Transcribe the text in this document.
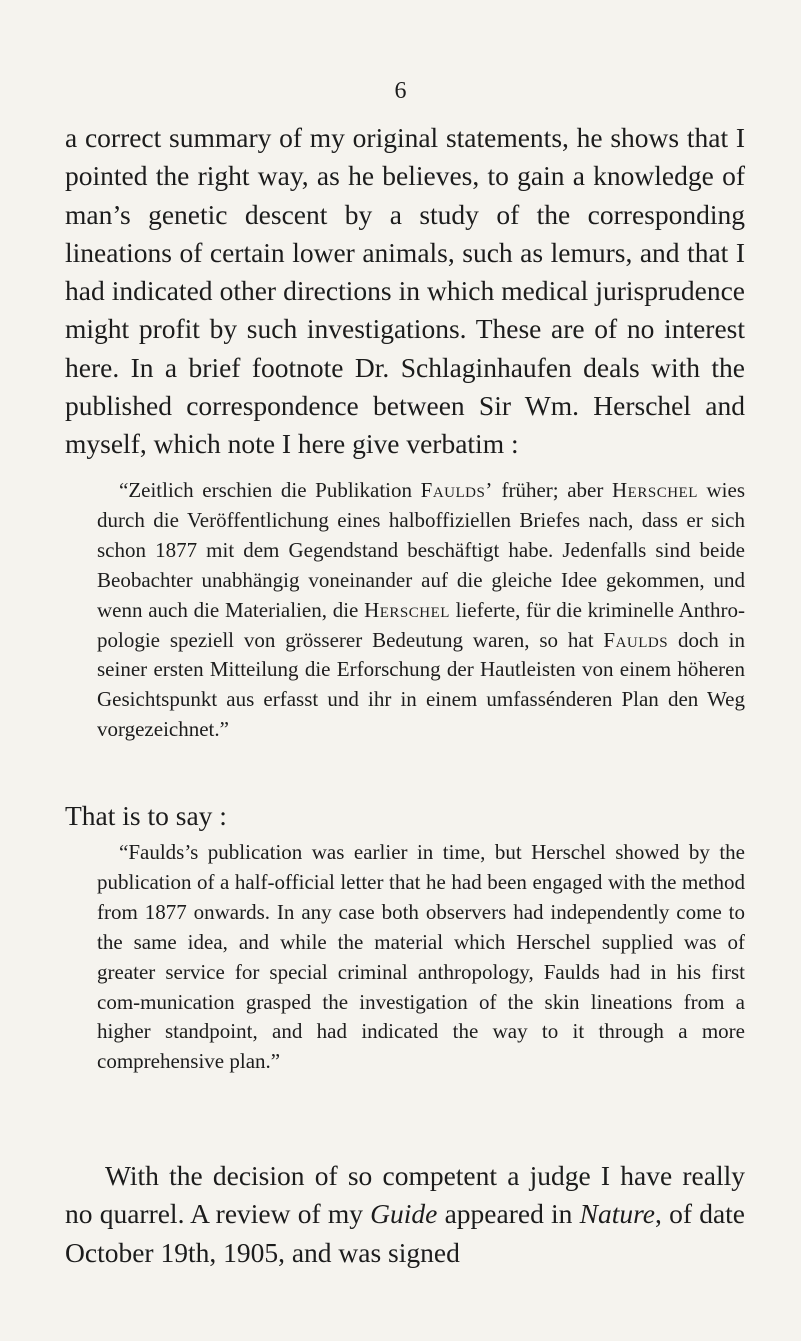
6
a correct summary of my original statements, he shows that I pointed the right way, as he believes, to gain a knowledge of man’s genetic descent by a study of the corresponding lineations of certain lower animals, such as lemurs, and that I had indicated other directions in which medical jurisprudence might profit by such investigations. These are of no interest here. In a brief footnote Dr. Schlaginhaufen deals with the published correspondence between Sir Wm. Herschel and myself, which note I here give verbatim :
“Zeitlich erschien die Publikation Faulds’ früher; aber Herschel wies durch die Veröffentlichung eines halboffiziellen Briefes nach, dass er sich schon 1877 mit dem Gegendstand beschäftigt habe. Jedenfalls sind beide Beobachter unabhängig voneinander auf die gleiche Idee gekommen, und wenn auch die Materialien, die Herschel lieferte, für die kriminelle Anthro-pologie speziell von grösserer Bedeutung waren, so hat Faulds doch in seiner ersten Mitteilung die Erforschung der Hautleisten von einem höheren Gesichtspunkt aus erfasst und ihr in einem umfassénderen Plan den Weg vorgezeichnet.”
That is to say :
“Faulds’s publication was earlier in time, but Herschel showed by the publication of a half-official letter that he had been engaged with the method from 1877 onwards. In any case both observers had independently come to the same idea, and while the material which Herschel supplied was of greater service for special criminal anthropology, Faulds had in his first com-munication grasped the investigation of the skin lineations from a higher standpoint, and had indicated the way to it through a more comprehensive plan.”
With the decision of so competent a judge I have really no quarrel. A review of my Guide appeared in Nature, of date October 19th, 1905, and was signed
